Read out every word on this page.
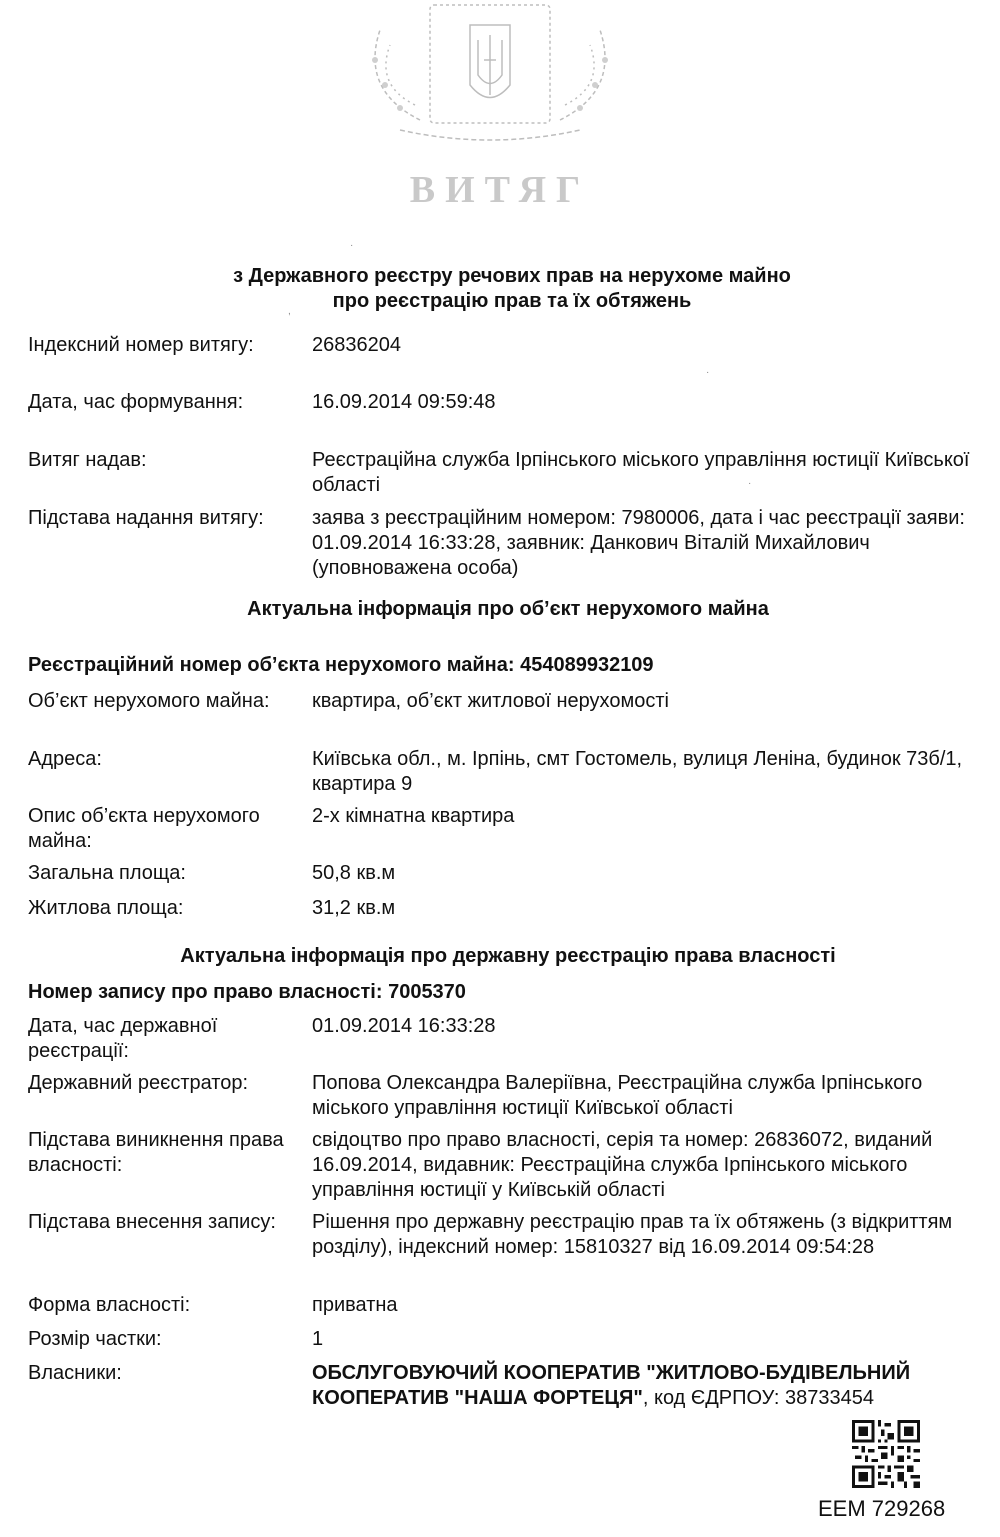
ВИТЯГ
з Державного реєстру речових прав на нерухоме майно
про реєстрацію прав та їх обтяжень
Індексний номер витягу:	26836204
Дата, час формування:	16.09.2014 09:59:48
Витяг надав:	Реєстраційна служба Ірпінського міського управління юстиції Київської області
Підстава надання витягу:	заява з реєстраційним номером: 7980006, дата і час реєстрації заяви: 01.09.2014 16:33:28, заявник: Данкович Віталій Михайлович (уповноважена особа)
Актуальна інформація про об’єкт нерухомого майна
Реєстраційний номер об’єкта нерухомого майна: 454089932109
Об’єкт нерухомого майна:	квартира, об’єкт житлової нерухомості
Адреса:	Київська обл., м. Ірпінь, смт Гостомель, вулиця Леніна, будинок 73б/1, квартира 9
Опис об’єкта нерухомого майна:
2-х кімнатна квартира
Загальна площа:	50,8 кв.м
Житлова площа:	31,2 кв.м
Актуальна інформація про державну реєстрацію права власності
Номер запису про право власності: 7005370
Дата, час державної реєстрації:
01.09.2014 16:33:28
Державний реєстратор:	Попова Олександра Валеріївна, Реєстраційна служба Ірпінського міського управління юстиції Київської області
Підстава виникнення права власності:
свідоцтво про право власності, серія та номер: 26836072, виданий 16.09.2014, видавник: Реєстраційна служба Ірпінського міського управління юстиції у Київській області
Підстава внесення запису:	Рішення про державну реєстрацію прав та їх обтяжень (з відкриттям розділу), індексний номер: 15810327 від 16.09.2014 09:54:28
Форма власності:	приватна
Розмір частки:	1
Власники:	ОБСЛУГОВУЮЧИЙ КООПЕРАТИВ "ЖИТЛОВО-БУДІВЕЛЬНИЙ КООПЕРАТИВ "НАША ФОРТЕЦЯ", код ЄДРПОУ: 38733454
ЕЕМ 729268
·
,
·
·
